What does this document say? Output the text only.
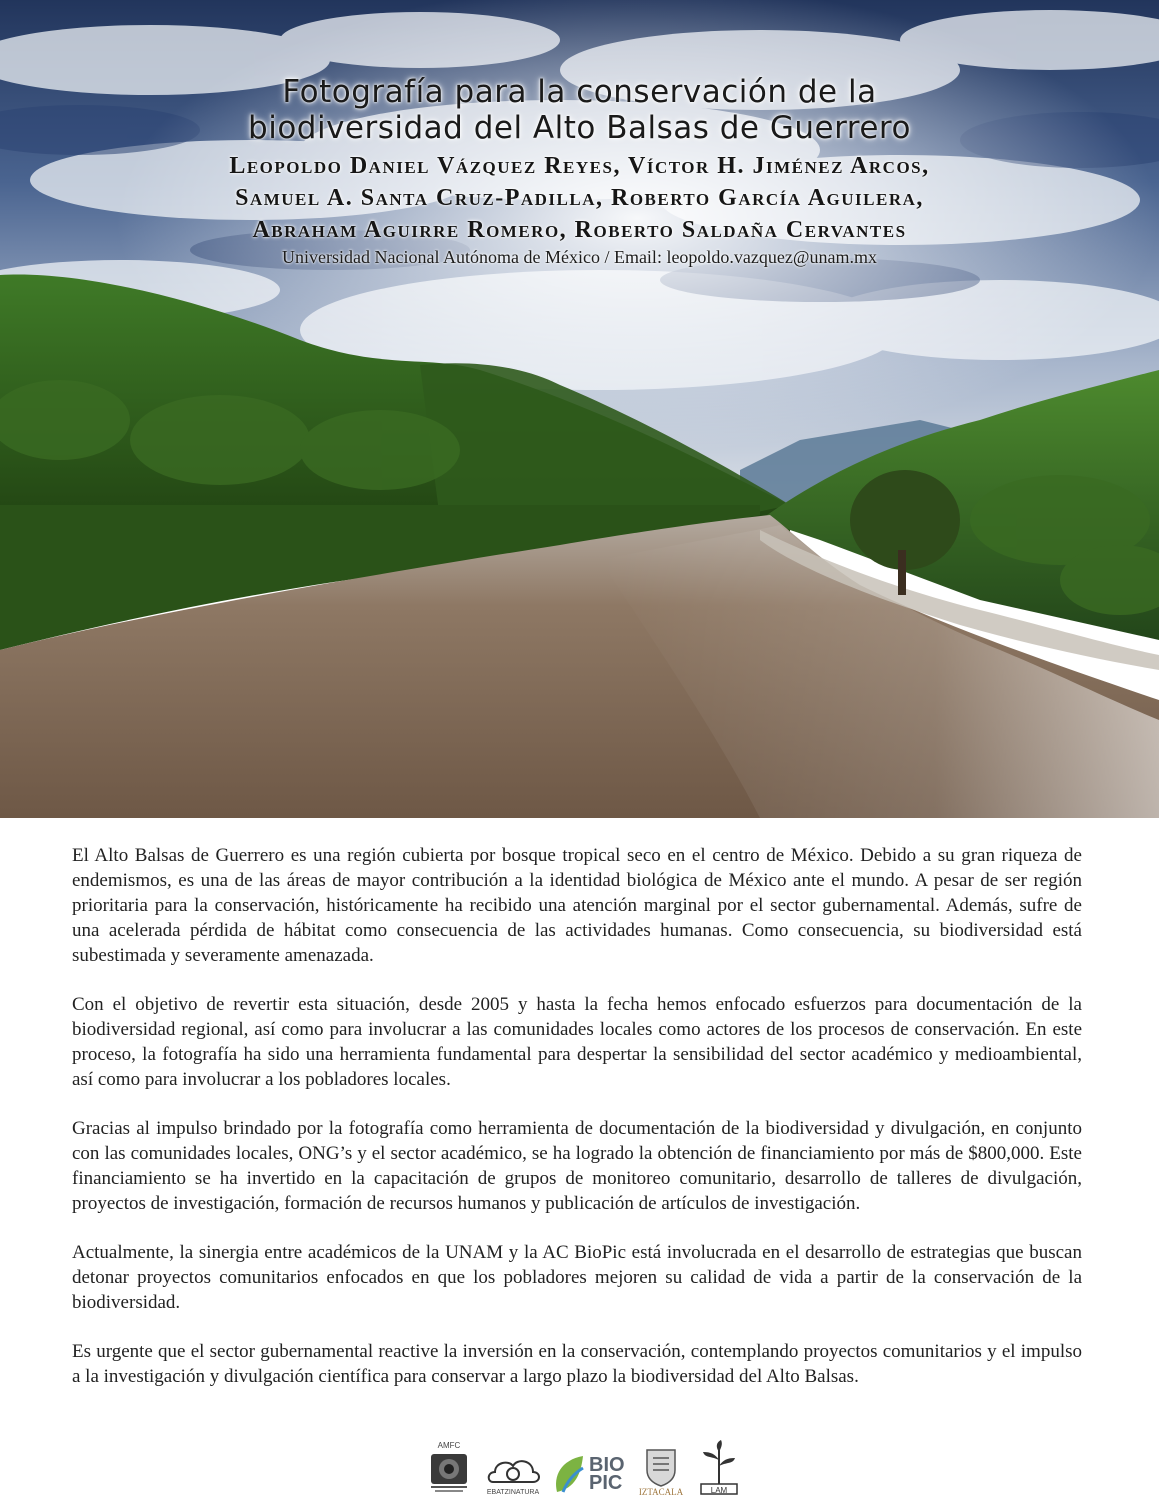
Fotografía para la conservación de la
biodiversidad del Alto Balsas de Guerrero
Leopoldo Daniel Vázquez Reyes, Víctor H. Jiménez Arcos,
Samuel A. Santa Cruz-Padilla, Roberto García Aguilera,
Abraham Aguirre Romero, Roberto Saldaña Cervantes
Universidad Nacional Autónoma de México / Email: leopoldo.vazquez@unam.mx

El Alto Balsas de Guerrero es una región cubierta por bosque tropical seco en el centro de México. Debido a su gran riqueza de endemismos, es una de las áreas de mayor contribución a la identidad biológica de México ante el mundo. A pesar de ser región prioritaria para la conservación, históricamente ha recibido una atención marginal por el sector gubernamental. Además, sufre de una acelerada pérdida de hábitat como consecuencia de las actividades humanas. Como consecuencia, su biodiversidad está subestimada y severamente amenazada.

Con el objetivo de revertir esta situación, desde 2005 y hasta la fecha hemos enfocado esfuerzos para documentación de la biodiversidad regional, así como para involucrar a las comunidades locales como actores de los procesos de conservación. En este proceso, la fotografía ha sido una herramienta fundamental para despertar la sensibilidad del sector académico y medioambiental, así como para involucrar a los pobladores locales.

Gracias al impulso brindado por la fotografía como herramienta de documentación de la biodiversidad y divulgación, en conjunto con las comunidades locales, ONG’s y el sector académico, se ha logrado la obtención de financiamiento por más de $800,000. Este financiamiento se ha invertido en la capacitación de grupos de monitoreo comunitario, desarrollo de talleres de divulgación, proyectos de investigación, formación de recursos humanos y publicación de artículos de investigación.

Actualmente, la sinergia entre académicos de la UNAM y la AC BioPic está involucrada en el desarrollo de estrategias que buscan detonar proyectos comunitarios enfocados en que los pobladores mejoren su calidad de vida a partir de la conservación de la biodiversidad.

Es urgente que el sector gubernamental reactive la inversión en la conservación, contemplando proyectos comunitarios y el impulso a la investigación y divulgación científica para conservar a largo plazo la biodiversidad del Alto Balsas.

AMFC
EBATZINATURA
BIO
PIC IZTACALA	LAM
